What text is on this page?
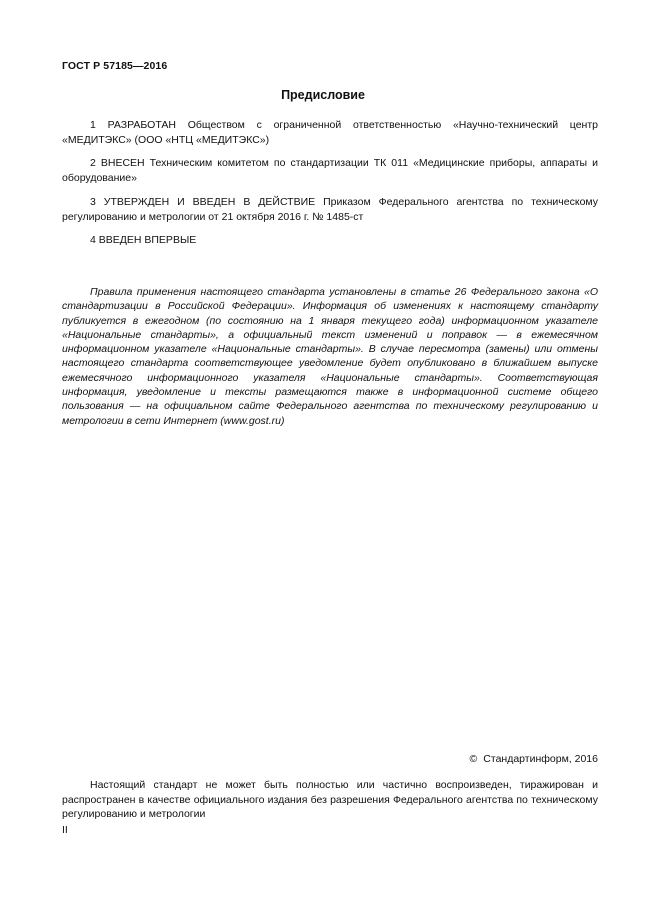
ГОСТ Р 57185—2016
Предисловие
1 РАЗРАБОТАН Обществом с ограниченной ответственностью «Научно-технический центр «МЕДИТЭКС» (ООО «НТЦ «МЕДИТЭКС»)
2 ВНЕСЕН Техническим комитетом по стандартизации ТК 011 «Медицинские приборы, аппараты и оборудование»
3 УТВЕРЖДЕН И ВВЕДЕН В ДЕЙСТВИЕ Приказом Федерального агентства по техническому регулированию и метрологии от 21 октября 2016 г. № 1485-ст
4 ВВЕДЕН ВПЕРВЫЕ
Правила применения настоящего стандарта установлены в статье 26 Федерального закона «О стандартизации в Российской Федерации». Информация об изменениях к настоящему стандарту публикуется в ежегодном (по состоянию на 1 января текущего года) информационном указателе «Национальные стандарты», а официальный текст изменений и поправок — в ежемесячном информационном указателе «Национальные стандарты». В случае пересмотра (замены) или отмены настоящего стандарта соответствующее уведомление будет опубликовано в ближайшем выпуске ежемесячного информационного указателя «Национальные стандарты». Соответствующая информация, уведомление и тексты размещаются также в информационной системе общего пользования — на официальном сайте Федерального агентства по техническому регулированию и метрологии в сети Интернет (www.gost.ru)
© Стандартинформ, 2016
Настоящий стандарт не может быть полностью или частично воспроизведен, тиражирован и распространен в качестве официального издания без разрешения Федерального агентства по техническому регулированию и метрологии
II
